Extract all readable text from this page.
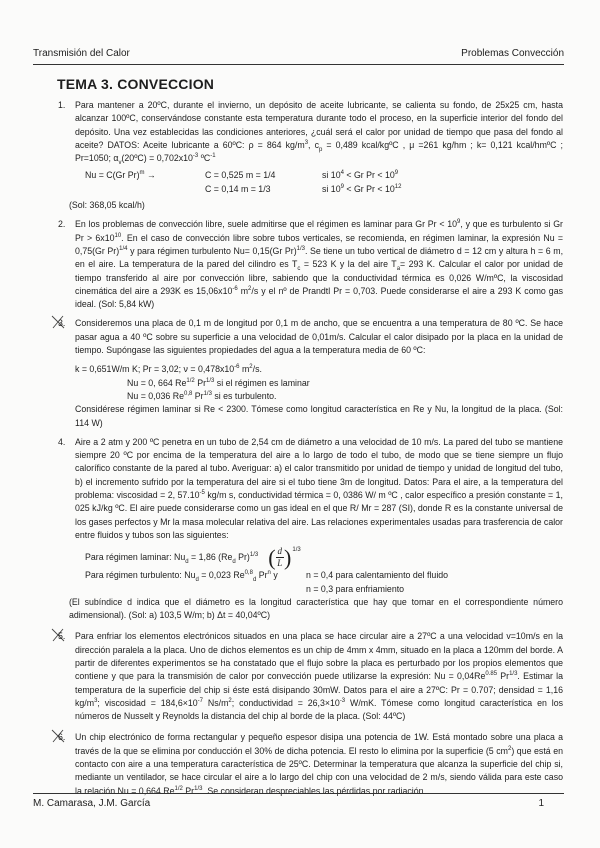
Transmisión del Calor	Problemas Convección
TEMA 3. CONVECCION
1. Para mantener a 20ºC, durante el invierno, un depósito de aceite lubricante, se calienta su fondo, de 25x25 cm, hasta alcanzar 100ºC, conservándose constante esta temperatura durante todo el proceso, en la superficie interior del fondo del depósito. Una vez establecidas las condiciones anteriores, ¿cuál será el calor por unidad de tiempo que pasa del fondo al aceite? DATOS: Aceite lubricante a 60ºC: ρ = 864 $kg/m^3$, $c_p = 0,489$ kcal/kgºC , μ =261 kg/hm ; k= 0,121 kcal/hmºC ; Pr=1050; $\alpha_v(20ºC) = 0,702x10^{-3}$ ºC$^{-1}$

Nu = C(Gr Pr)$^m$ →	C = 0,525 m = 1/4	si $10^4 < Gr$ $Pr < 10^9$
C = 0,14 m = 1/3	si $10^9 < Gr$ $Pr < 10^{12}$
(Sol: 368,05 kcal/h)
2. En los problemas de convección libre, suele admitirse que el régimen es laminar para Gr $Pr < 10^9$, y que es turbulento si Gr $Pr > 6x10^{10}$. En el caso de convección libre sobre tubos verticales, se recomienda, en régimen laminar, la expresión Nu = 0,75(Gr Pr)$^{1/4}$ y para régimen turbulento Nu= 0,15(Gr Pr)$^{1/3}$. Se tiene un tubo vertical de diámetro d = 12 cm y altura h = 6 m, en el aire. La temperatura de la pared del cilindro es $T_c = 523$ K y la del aire $T_a= 293$ K. Calcular el calor por unidad de tiempo transferido al aire por convección libre, sabiendo que la conductividad térmica es 0,026 W/mºC, la viscosidad cinemática del aire a 293K es $15,06x10^{-6}$ $m^2/s$ y el nº de Prandtl Pr = 0,703. Puede considerarse el aire a 293 K como gas ideal. (Sol: 5,84 kW)

3. Consideremos una placa de 0,1 m de longitud por 0,1 m de ancho, que se encuentra a una temperatura de 80 ºC. Se hace pasar agua a 40 ºC sobre su superficie a una velocidad de 0,01m/s. Calcular el calor disipado por la placa en la unidad de tiempo. Supóngase las siguientes propiedades del agua a la temperatura media de 60 ºC:

k = 0,651W/m K; Pr = 3,02; $\nu = 0,478x10^{-6}$ $m^2/s$.
Nu = 0, 664 $Re^{1/2}$ $Pr^{1/3}$ si el régimen es laminar
Nu = 0,036 Re$^{0,8}$ $Pr^{1/3}$ si es turbulento.

Considérese régimen laminar si Re < 2300. Tómese como longitud característica en Re y Nu, la longitud de la placa. (Sol: 114 W)

4. Aire a 2 atm y 200 ºC penetra en un tubo de 2,54 cm de diámetro a una velocidad de 10 m/s. La pared del tubo se mantiene siempre 20 ºC por encima de la temperatura del aire a lo largo de todo el tubo, de modo que se tiene siempre un flujo calorífico constante de la pared al tubo. Averiguar: a) el calor transmitido por unidad de tiempo y unidad de longitud del tubo, b) el incremento sufrido por la temperatura del aire si el tubo tiene 3m de longitud. Datos: Para el aire, a la temperatura del problema: viscosidad = 2, $57.10^{-5}$ kg/m s, conductividad térmica = 0, 0386 W/ m ºC , calor específico a presión constante = 1, 025 kJ/kg ºC. El aire puede considerarse como un gas ideal en el que R/ Mr = 287 (SI), donde R es la constante universal de los gases perfectos y Mr la masa molecular relativa del aire. Las relaciones experimentales usadas para trasferencia de calor entre fluidos y tubos son las siguientes:

Para régimen laminar: $Nu_d = 1,86$ ($Re_d$ Pr)$^{1/3}$ ( $\frac{d}{L}$ ) 1/3
Para régimen turbulento: $Nu_d = 0,023$ Re$^{0,8}_d$ Pr$^n$ y	n = 0,4 para calentamiento del fluido
n = 0,3 para enfriamiento

(El subíndice d indica que el diámetro es la longitud característica que hay que tomar en el correspondiente número adimensional). (Sol: a) 103,5 W/m; b) Δt = 40,04ºC)

5. Para enfriar los elementos electrónicos situados en una placa se hace circular aire a 27ºC a una velocidad v=10m/s en la dirección paralela a la placa. Uno de dichos elementos es un chip de 4mm x 4mm, situado en la placa a 120mm del borde. A partir de diferentes experimentos se ha constatado que el flujo sobre la placa es perturbado por los propios elementos que contiene y que para la transmisión de calor por convección puede utilizarse la expresión: $Nu = 0,04Re^{0.85}$ $Pr^{1/3}$. Estimar la temperatura de la superficie del chip si éste está disipando 30mW. Datos para el aire a 27ºC: Pr = 0.707; densidad = 1,16 $kg/m^3$; viscosidad = $184,6\times 10^{-7}$ $Ns/m^2$; conductividad = $26,3\times 10^{-3}$ W/mK. Tómese como longitud característica en los números de Nusselt y Reynolds la distancia del chip al borde de la placa. (Sol: 44ºC)

6. Un chip electrónico de forma rectangular y pequeño espesor disipa una potencia de 1W. Está montado sobre una placa a través de la que se elimina por conducción el 30% de dicha potencia. El resto lo elimina por la superficie (5 $cm^2$) que está en contacto con aire a una temperatura característica de 25ºC. Determinar la temperatura que alcanza la superficie del chip si, mediante un ventilador, se hace circular el aire a lo largo del chip con una velocidad de 2 m/s, siendo válida para este caso la relación Nu = 0,664 $Re^{1/2}$ $Pr^{1/3}$. Se consideran despreciables las pérdidas por radiación.

M. Camarasa, J.M. García	1
